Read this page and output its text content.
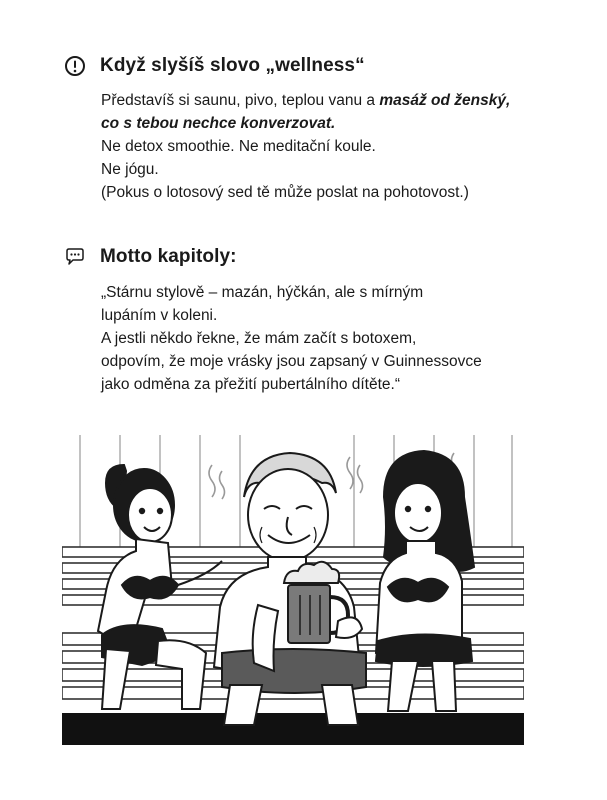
Když slyšíš slovo „wellness“

Představíš si saunu, pivo, teplou vanu a masáž od ženský,

co s tebou nechce konverzovat.

Ne detox smoothie. Ne meditační koule.

Ne jógu.

(Pokus o lotosový sed tě může poslat na pohotovost.)

Motto kapitoly:

„Stárnu stylově – mazán, hýčkán, ale s mírným

lupáním v koleni.

A jestli někdo řekne, že mám začít s botoxem,

odpovím, že moje vrásky jsou zapsaný v Guinnessovce

jako odměna za přežití pubertálního dítěte.“
